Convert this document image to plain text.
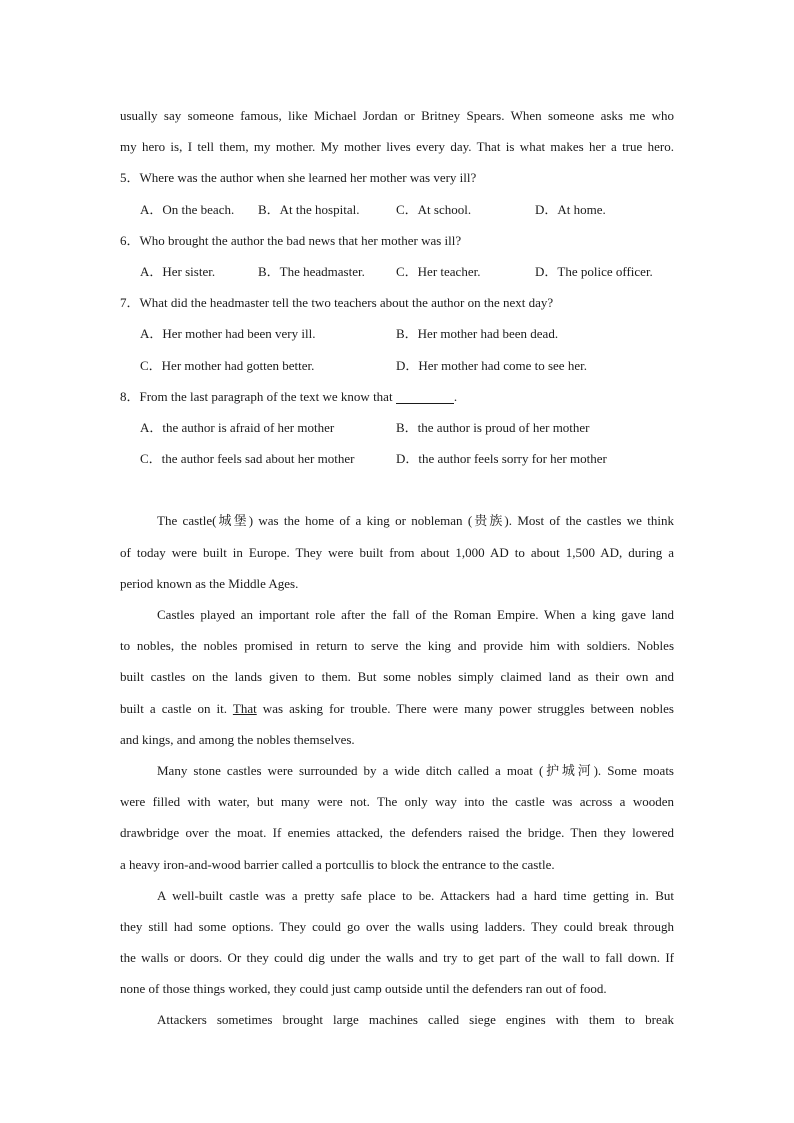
usually say someone famous, like Michael Jordan or Britney Spears. When someone asks me who
my hero is, I tell them, my mother. My mother lives every day. That is what makes her a true hero.
5．Where was the author when she learned her mother was very ill?
A．On the beach. B．At the hospital.	C．At school.	D．At home.
6．Who brought the author the bad news that her mother was ill?
A．Her sister.	B．The headmaster. C．Her teacher.	D．The police officer.
7．What did the headmaster tell the two teachers about the author on the next day?
A．Her mother had been very ill.	B．Her mother had been dead.
C．Her mother had gotten better.	D．Her mother had come to see her.
8．From the last paragraph of the text we know that	.
A．the author is afraid of her mother	B．the author is proud of her mother
C．the author feels sad about her mother	D．the author feels sorry for her mother
The castle(城堡) was the home of a king or nobleman (贵族). Most of the castles we think
of today were built in Europe. They were built from about 1,000 AD to about 1,500 AD, during a
period known as the Middle Ages.
Castles played an important role after the fall of the Roman Empire. When a king gave land
to nobles, the nobles promised in return to serve the king and provide him with soldiers. Nobles
built castles on the lands given to them. But some nobles simply claimed land as their own and
built a castle on it. That was asking for trouble. There were many power struggles between nobles
and kings, and among the nobles themselves.
Many stone castles were surrounded by a wide ditch called a moat (护城河). Some moats
were filled with water, but many were not. The only way into the castle was across a wooden
drawbridge over the moat. If enemies attacked, the defenders raised the bridge. Then they lowered
a heavy iron-and-wood barrier called a portcullis to block the entrance to the castle.
A well-built castle was a pretty safe place to be. Attackers had a hard time getting in. But
they still had some options. They could go over the walls using ladders. They could break through
the walls or doors. Or they could dig under the walls and try to get part of the wall to fall down. If
none of those things worked, they could just camp outside until the defenders ran out of food.
Attackers sometimes brought large machines called siege engines with them to break
